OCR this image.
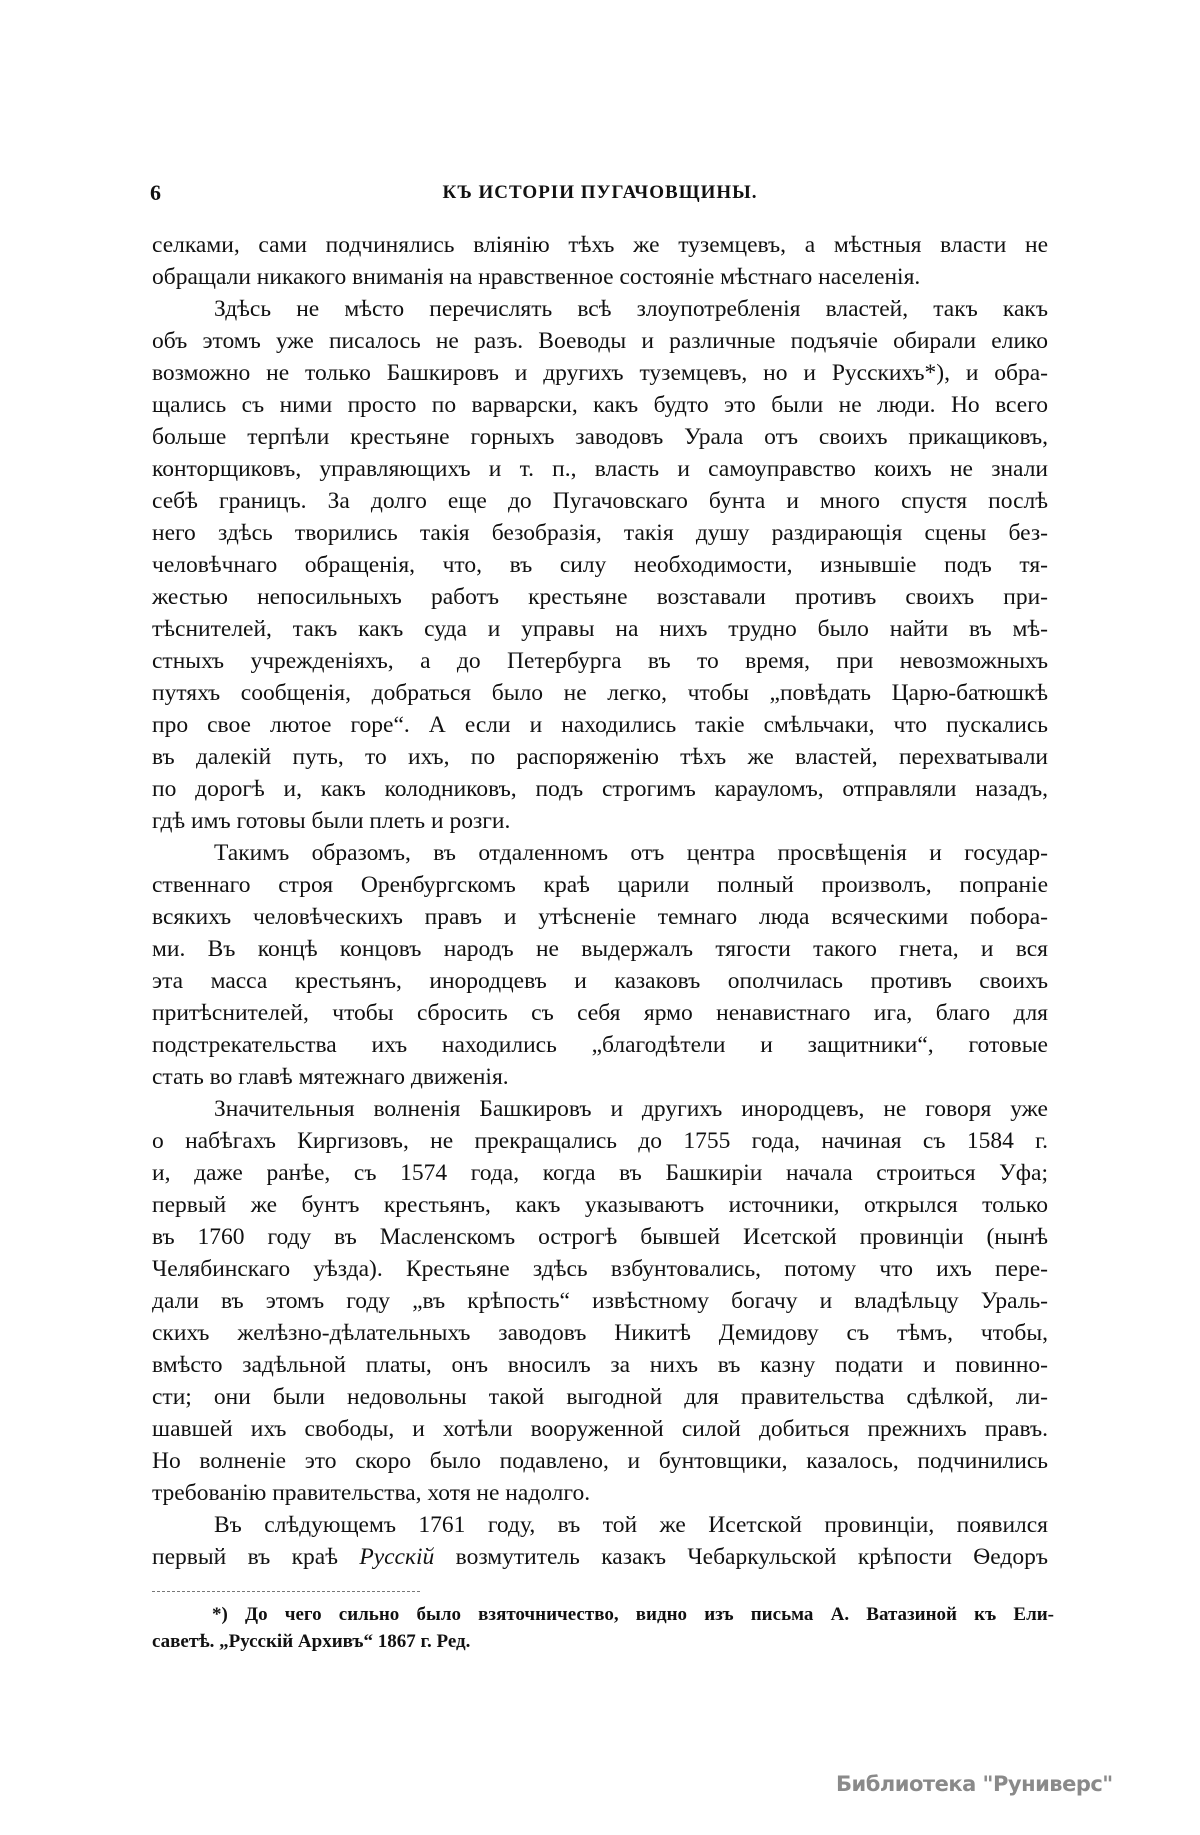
6	КЪ ИСТОРІИ ПУГАЧОВЩИНЫ.
селками, сами подчинялись вліянію тѣхъ же туземцевъ, а мѣстныя власти не
обращали никакого вниманія на нравственное состояніе мѣстнаго населенія.
Здѣсь не мѣсто перечислять всѣ злоупотребленія властей, такъ какъ
объ этомъ уже писалось не разъ. Воеводы и различные подъячіе обирали елико
возможно не только Башкировъ и другихъ туземцевъ, но и Русскихъ*), и обра-
щались съ ними просто по варварски, какъ будто это были не люди. Но всего
больше терпѣли крестьяне горныхъ заводовъ Урала отъ своихъ прикащиковъ,
конторщиковъ, управляющихъ и т. п., власть и самоуправство коихъ не знали
себѣ границъ. За долго еще до Пугачовскаго бунта и много спустя послѣ
него здѣсь творились такія безобразія, такія душу раздирающія сцены без-
человѣчнаго обращенія, что, въ силу необходимости, изнывшіе подъ тя-
жестью непосильныхъ работъ крестьяне возставали противъ своихъ при-
тѣснителей, такъ какъ суда и управы на нихъ трудно было найти въ мѣ-
стныхъ учрежденіяхъ, а до Петербурга въ то время, при невозможныхъ
путяхъ сообщенія, добраться было не легко, чтобы „повѣдать Царю-батюшкѣ
про свое лютое горе“. А если и находились такіе смѣльчаки, что пускались
въ далекій путь, то ихъ, по распоряженію тѣхъ же властей, перехватывали
по дорогѣ и, какъ колодниковъ, подъ строгимъ карауломъ, отправляли назадъ,
гдѣ имъ готовы были плеть и розги.
Такимъ образомъ, въ отдаленномъ отъ центра просвѣщенія и государ-
ственнаго строя Оренбургскомъ краѣ царили полный произволъ, попраніе
всякихъ человѣческихъ правъ и утѣсненіе темнаго люда всяческими побора-
ми. Въ концѣ концовъ народъ не выдержалъ тягости такого гнета, и вся
эта масса крестьянъ, инородцевъ и казаковъ ополчилась противъ своихъ
притѣснителей, чтобы сбросить съ себя ярмо ненавистнаго ига, благо для
подстрекательства ихъ находились „благодѣтели и защитники“, готовые
стать во главѣ мятежнаго движенія.
Значительныя волненія Башкировъ и другихъ инородцевъ, не говоря уже
о набѣгахъ Киргизовъ, не прекращались до 1755 года, начиная съ 1584 г.
и, даже ранѣе, съ 1574 года, когда въ Башкиріи начала строиться Уфа;
первый же бунтъ крестьянъ, какъ указываютъ источники, открылся только
въ 1760 году въ Масленскомъ острогѣ бывшей Исетской провинціи (нынѣ
Челябинскаго уѣзда). Крестьяне здѣсь взбунтовались, потому что ихъ пере-
дали въ этомъ году „въ крѣпость“ извѣстному богачу и владѣльцу Ураль-
скихъ желѣзно-дѣлательныхъ заводовъ Никитѣ Демидову съ тѣмъ, чтобы,
вмѣсто задѣльной платы, онъ вносилъ за нихъ въ казну подати и повинно-
сти; они были недовольны такой выгодной для правительства сдѣлкой, ли-
шавшей ихъ свободы, и хотѣли вооруженной силой добиться прежнихъ правъ.
Но волненіе это скоро было подавлено, и бунтовщики, казалось, подчинились
требованію правительства, хотя не надолго.
Въ слѣдующемъ 1761 году, въ той же Исетской провинціи, появился
первый въ краѣ Русскій возмутитель казакъ Чебаркульской крѣпости Ѳедоръ
*) До чего сильно было взяточничество, видно изъ письма А. Ватазиной къ Ели-
саветѣ. „Русскій Архивъ“ 1867 г. Ред.
Библиотека "Руниверс"
